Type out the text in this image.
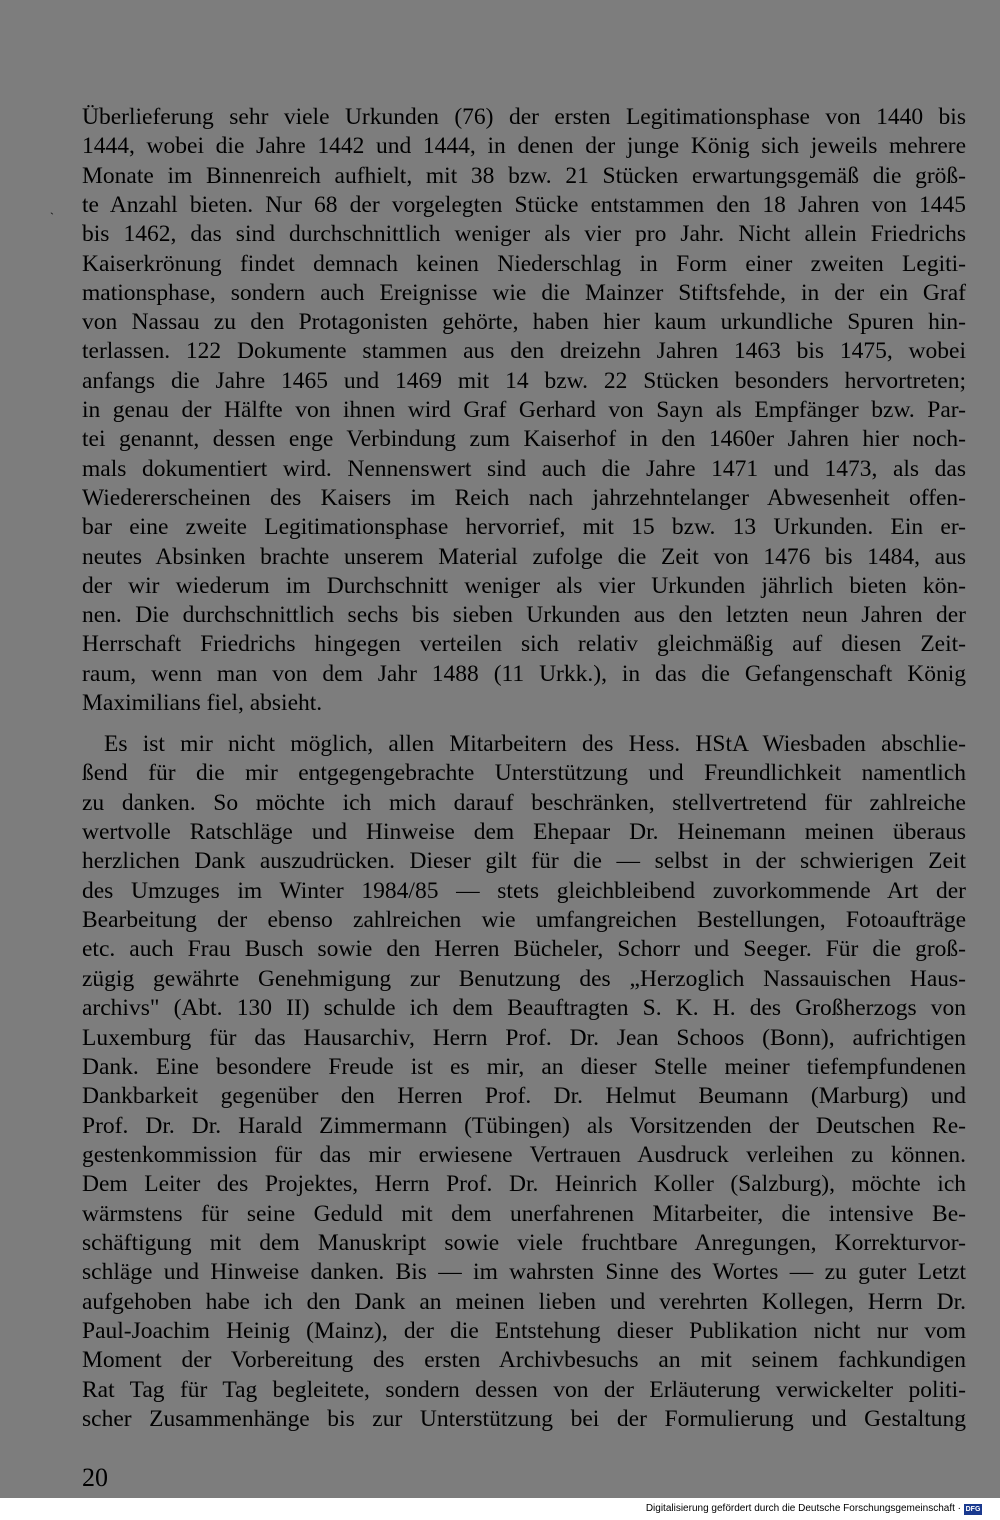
`
Überlieferung sehr viele Urkunden (76) der ersten Legitimationsphase von 1440 bis
1444, wobei die Jahre 1442 und 1444, in denen der junge König sich jeweils mehrere
Monate im Binnenreich aufhielt, mit 38 bzw. 21 Stücken erwartungsgemäß die größ-
te Anzahl bieten. Nur 68 der vorgelegten Stücke entstammen den 18 Jahren von 1445
bis 1462, das sind durchschnittlich weniger als vier pro Jahr. Nicht allein Friedrichs
Kaiserkrönung findet demnach keinen Niederschlag in Form einer zweiten Legiti-
mationsphase, sondern auch Ereignisse wie die Mainzer Stiftsfehde, in der ein Graf
von Nassau zu den Protagonisten gehörte, haben hier kaum urkundliche Spuren hin-
terlassen. 122 Dokumente stammen aus den dreizehn Jahren 1463 bis 1475, wobei
anfangs die Jahre 1465 und 1469 mit 14 bzw. 22 Stücken besonders hervortreten;
in genau der Hälfte von ihnen wird Graf Gerhard von Sayn als Empfänger bzw. Par-
tei genannt, dessen enge Verbindung zum Kaiserhof in den 1460er Jahren hier noch-
mals dokumentiert wird. Nennenswert sind auch die Jahre 1471 und 1473, als das
Wiedererscheinen des Kaisers im Reich nach jahrzehntelanger Abwesenheit offen-
bar eine zweite Legitimationsphase hervorrief, mit 15 bzw. 13 Urkunden. Ein er-
neutes Absinken brachte unserem Material zufolge die Zeit von 1476 bis 1484, aus
der wir wiederum im Durchschnitt weniger als vier Urkunden jährlich bieten kön-
nen. Die durchschnittlich sechs bis sieben Urkunden aus den letzten neun Jahren der
Herrschaft Friedrichs hingegen verteilen sich relativ gleichmäßig auf diesen Zeit-
raum, wenn man von dem Jahr 1488 (11 Urkk.), in das die Gefangenschaft König
Maximilians fiel, absieht.
Es ist mir nicht möglich, allen Mitarbeitern des Hess. HStA Wiesbaden abschlie-
ßend für die mir entgegengebrachte Unterstützung und Freundlichkeit namentlich
zu danken. So möchte ich mich darauf beschränken, stellvertretend für zahlreiche
wertvolle Ratschläge und Hinweise dem Ehepaar Dr. Heinemann meinen überaus
herzlichen Dank auszudrücken. Dieser gilt für die — selbst in der schwierigen Zeit
des Umzuges im Winter 1984/85 — stets gleichbleibend zuvorkommende Art der
Bearbeitung der ebenso zahlreichen wie umfangreichen Bestellungen, Fotoaufträge
etc. auch Frau Busch sowie den Herren Bücheler, Schorr und Seeger. Für die groß-
zügig gewährte Genehmigung zur Benutzung des „Herzoglich Nassauischen Haus-
archivs" (Abt. 130 II) schulde ich dem Beauftragten S. K. H. des Großherzogs von
Luxemburg für das Hausarchiv, Herrn Prof. Dr. Jean Schoos (Bonn), aufrichtigen
Dank. Eine besondere Freude ist es mir, an dieser Stelle meiner tiefempfundenen
Dankbarkeit gegenüber den Herren Prof. Dr. Helmut Beumann (Marburg) und
Prof. Dr. Dr. Harald Zimmermann (Tübingen) als Vorsitzenden der Deutschen Re-
gestenkommission für das mir erwiesene Vertrauen Ausdruck verleihen zu können.
Dem Leiter des Projektes, Herrn Prof. Dr. Heinrich Koller (Salzburg), möchte ich
wärmstens für seine Geduld mit dem unerfahrenen Mitarbeiter, die intensive Be-
schäftigung mit dem Manuskript sowie viele fruchtbare Anregungen, Korrekturvor-
schläge und Hinweise danken. Bis — im wahrsten Sinne des Wortes — zu guter Letzt
aufgehoben habe ich den Dank an meinen lieben und verehrten Kollegen, Herrn Dr.
Paul-Joachim Heinig (Mainz), der die Entstehung dieser Publikation nicht nur vom
Moment der Vorbereitung des ersten Archivbesuchs an mit seinem fachkundigen
Rat Tag für Tag begleitete, sondern dessen von der Erläuterung verwickelter politi-
scher Zusammenhänge bis zur Unterstützung bei der Formulierung und Gestaltung
20
Digitalisierung gefördert durch die Deutsche Forschungsgemeinschaft · DFG
